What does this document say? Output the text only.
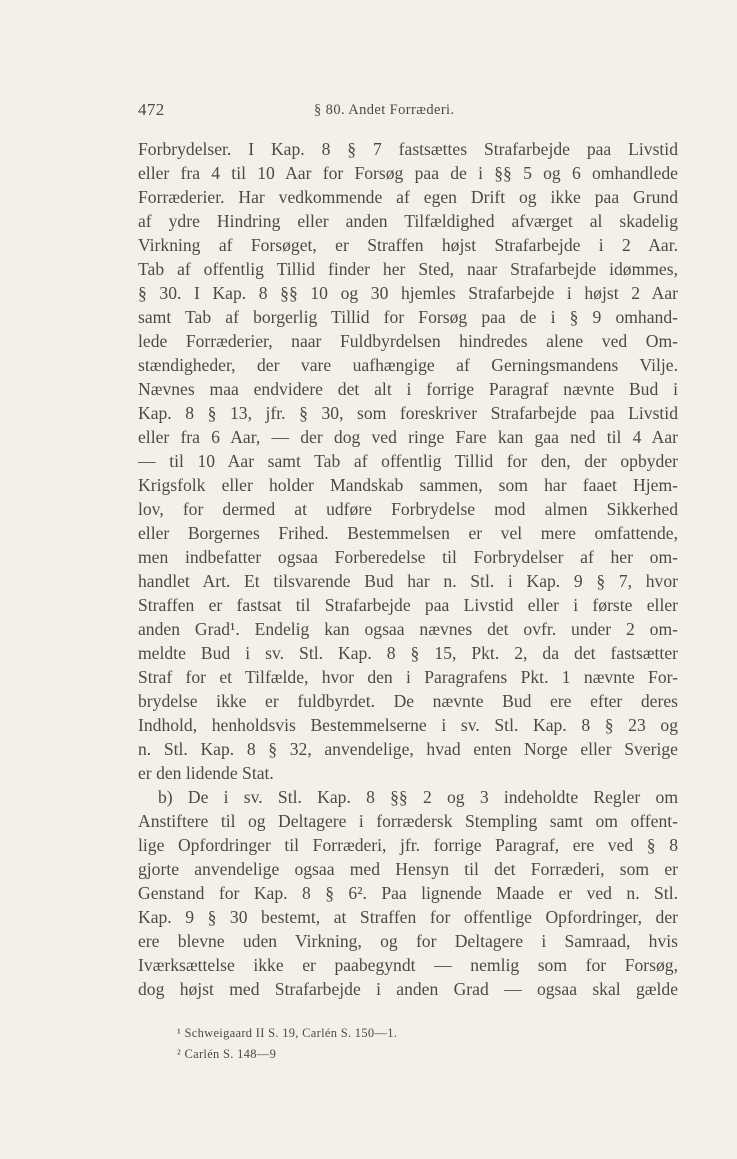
472	§ 80. Andet Forræderi.
Forbrydelser. I Kap. 8 § 7 fastsættes Strafarbejde paa Livstid
eller fra 4 til 10 Aar for Forsøg paa de i §§ 5 og 6 omhandlede
Forræderier. Har vedkommende af egen Drift og ikke paa Grund
af ydre Hindring eller anden Tilfældighed afværget al skadelig
Virkning af Forsøget, er Straffen højst Strafarbejde i 2 Aar.
Tab af offentlig Tillid finder her Sted, naar Strafarbejde idømmes,
§ 30. I Kap. 8 §§ 10 og 30 hjemles Strafarbejde i højst 2 Aar
samt Tab af borgerlig Tillid for Forsøg paa de i § 9 omhand-
lede Forræderier, naar Fuldbyrdelsen hindredes alene ved Om-
stændigheder, der vare uafhængige af Gerningsmandens Vilje.
Nævnes maa endvidere det alt i forrige Paragraf nævnte Bud i
Kap. 8 § 13, jfr. § 30, som foreskriver Strafarbejde paa Livstid
eller fra 6 Aar, — der dog ved ringe Fare kan gaa ned til 4 Aar
— til 10 Aar samt Tab af offentlig Tillid for den, der opbyder
Krigsfolk eller holder Mandskab sammen, som har faaet Hjem-
lov, for dermed at udføre Forbrydelse mod almen Sikkerhed
eller Borgernes Frihed. Bestemmelsen er vel mere omfattende,
men indbefatter ogsaa Forberedelse til Forbrydelser af her om-
handlet Art. Et tilsvarende Bud har n. Stl. i Kap. 9 § 7, hvor
Straffen er fastsat til Strafarbejde paa Livstid eller i første eller
anden Grad¹. Endelig kan ogsaa nævnes det ovfr. under 2 om-
meldte Bud i sv. Stl. Kap. 8 § 15, Pkt. 2, da det fastsætter
Straf for et Tilfælde, hvor den i Paragrafens Pkt. 1 nævnte For-
brydelse ikke er fuldbyrdet. De nævnte Bud ere efter deres
Indhold, henholdsvis Bestemmelserne i sv. Stl. Kap. 8 § 23 og
n. Stl. Kap. 8 § 32, anvendelige, hvad enten Norge eller Sverige
er den lidende Stat.
b) De i sv. Stl. Kap. 8 §§ 2 og 3 indeholdte Regler om
Anstiftere til og Deltagere i forrædersk Stempling samt om offent-
lige Opfordringer til Forræderi, jfr. forrige Paragraf, ere ved § 8
gjorte anvendelige ogsaa med Hensyn til det Forræderi, som er
Genstand for Kap. 8 § 6². Paa lignende Maade er ved n. Stl.
Kap. 9 § 30 bestemt, at Straffen for offentlige Opfordringer, der
ere blevne uden Virkning, og for Deltagere i Samraad, hvis
Iværksættelse ikke er paabegyndt — nemlig som for Forsøg,
dog højst med Strafarbejde i anden Grad — ogsaa skal gælde
¹ Schweigaard II S. 19, Carlén S. 150—1.
² Carlén S. 148—9
